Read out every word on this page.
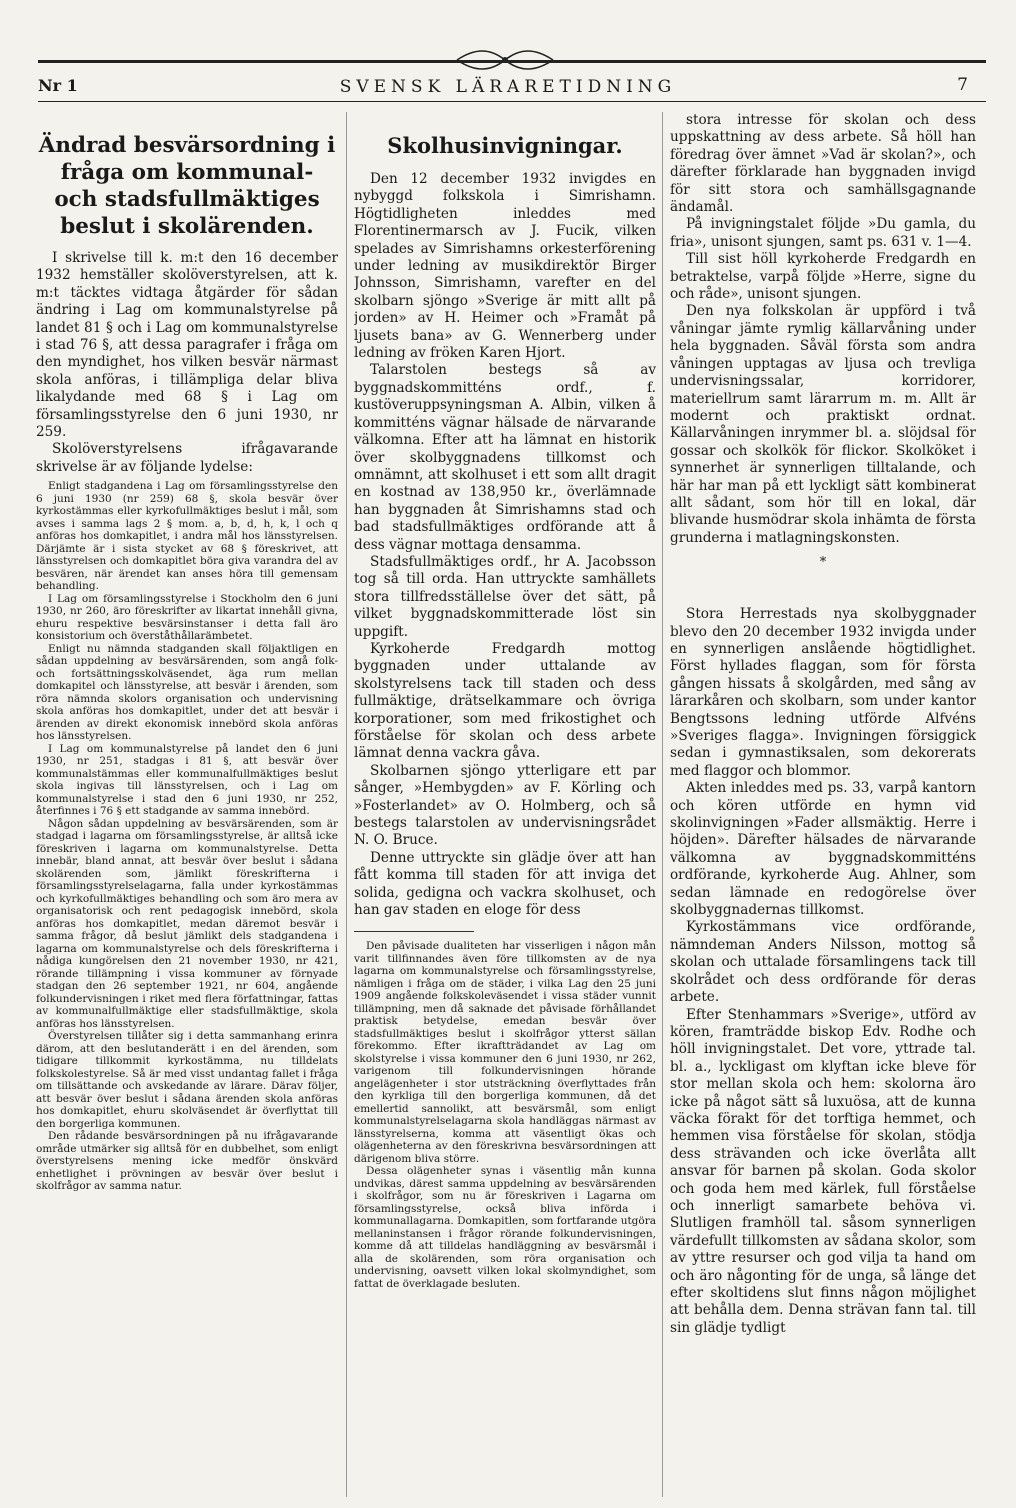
Nr 1	SVENSK LÄRARETIDNING	7
Ändrad besvärsordning i fråga om kommunal- och stadsfullmäktiges beslut i skolärenden.

I skrivelse till k. m:t den 16 december 1932 hemställer skolöverstyrelsen, att k. m:t täcktes vidtaga åtgärder för sådan ändring i Lag om kommunalstyrelse på landet 81 § och i Lag om kommunalstyrelse i stad 76 §, att dessa paragrafer i fråga om den myndighet, hos vilken besvär närmast skola anföras, i tillämpliga delar bliva likalydande med 68 § i Lag om församlingsstyrelse den 6 juni 1930, nr 259.

Skolöverstyrelsens ifrågavarande skrivelse är av följande lydelse:

Enligt stadgandena i Lag om församlingsstyrelse den 6 juni 1930 (nr 259) 68 §, skola besvär över kyrkostämmas eller kyrkofullmäktiges beslut i mål, som avses i samma lags 2 § mom. a, b, d, h, k, l och q anföras hos domkapitlet, i andra mål hos länsstyrelsen. Därjämte är i sista stycket av 68 § föreskrivet, att länsstyrelsen och domkapitlet böra giva varandra del av besvären, när ärendet kan anses höra till gemensam behandling.

I Lag om församlingsstyrelse i Stockholm den 6 juni 1930, nr 260, äro föreskrifter av likartat innehåll givna, ehuru respektive besvärsinstanser i detta fall äro konsistorium och överståthållarämbetet.

Enligt nu nämnda stadganden skall följaktligen en sådan uppdelning av besvärsärenden, som angå folk- och fortsättningsskolväsendet, äga rum mellan domkapitel och länsstyrelse, att besvär i ärenden, som röra nämnda skolors organisation och undervisning skola anföras hos domkapitlet, under det att besvär i ärenden av direkt ekonomisk innebörd skola anföras hos länsstyrelsen.

I Lag om kommunalstyrelse på landet den 6 juni 1930, nr 251, stadgas i 81 §, att besvär över kommunalstämmas eller kommunalfullmäktiges beslut skola ingivas till länsstyrelsen, och i Lag om kommunalstyrelse i stad den 6 juni 1930, nr 252, återfinnes i 76 § ett stadgande av samma innebörd.

Någon sådan uppdelning av besvärsärenden, som är stadgad i lagarna om församlingsstyrelse, är alltså icke föreskriven i lagarna om kommunalstyrelse. Detta innebär, bland annat, att besvär över beslut i sådana skolärenden som, jämlikt föreskrifterna i församlingsstyrelselagarna, falla under kyrkostämmas och kyrkofullmäktiges behandling och som äro mera av organisatorisk och rent pedagogisk innebörd, skola anföras hos domkapitlet, medan däremot besvär i samma frågor, då beslut jämlikt dels stadgandena i lagarna om kommunalstyrelse och dels föreskrifterna i nådiga kungörelsen den 21 november 1930, nr 421, rörande tillämpning i vissa kommuner av förnyade stadgan den 26 september 1921, nr 604, angående folkundervisningen i riket med flera författningar, fattas av kommunalfullmäktige eller stadsfullmäktige, skola anföras hos länsstyrelsen.

Överstyrelsen tillåter sig i detta sammanhang erinra därom, att den beslutanderätt i en del ärenden, som tidigare tillkommit kyrkostämma, nu tilldelats folkskolestyrelse. Så är med visst undantag fallet i fråga om tillsättande och avskedande av lärare. Därav följer, att besvär över beslut i sådana ärenden skola anföras hos domkapitlet, ehuru skolväsendet är överflyttat till den borgerliga kommunen.

Den rådande besvärsordningen på nu ifrågavarande område utmärker sig alltså för en dubbelhet, som enligt överstyrelsens mening icke medför önskvärd enhetlighet i prövningen av besvär över beslut i skolfrågor av samma natur.

Skolhusinvigningar.

Den 12 december 1932 invigdes en nybyggd folkskola i Simrishamn. Högtidligheten inleddes med Florentinermarsch av J. Fucik, vilken spelades av Simrishamns orkesterförening under ledning av musikdirektör Birger Johnsson, Simrishamn, varefter en del skolbarn sjöngo »Sverige är mitt allt på jorden» av H. Heimer och »Framåt på ljusets bana» av G. Wennerberg under ledning av fröken Karen Hjort.

Talarstolen bestegs så av byggnadskommitténs ordf., f. kustöveruppsyningsman A. Albin, vilken å kommitténs vägnar hälsade de närvarande välkomna. Efter att ha lämnat en historik över skolbyggnadens tillkomst och omnämnt, att skolhuset i ett som allt dragit en kostnad av 138,950 kr., överlämnade han byggnaden åt Simrishamns stad och bad stadsfullmäktiges ordförande att å dess vägnar mottaga densamma.

Stadsfullmäktiges ordf., hr A. Jacobsson tog så till orda. Han uttryckte samhällets stora tillfredsställelse över det sätt, på vilket byggnadskommitterade löst sin uppgift.

Kyrkoherde Fredgardh mottog byggnaden under uttalande av skolstyrelsens tack till staden och dess fullmäktige, drätselkammare och övriga korporationer, som med frikostighet och förståelse för skolan och dess arbete lämnat denna vackra gåva.

Skolbarnen sjöngo ytterligare ett par sånger, »Hembygden» av F. Körling och »Fosterlandet» av O. Holmberg, och så bestegs talarstolen av undervisningsrådet N. O. Bruce.

Denne uttryckte sin glädje över att han fått komma till staden för att inviga det solida, gedigna och vackra skolhuset, och han gav staden en eloge för dess

Den påvisade dualiteten har visserligen i någon mån varit tillfinnandes även före tillkomsten av de nya lagarna om kommunalstyrelse och församlingsstyrelse, nämligen i fråga om de städer, i vilka Lag den 25 juni 1909 angående folkskoleväsendet i vissa städer vunnit tillämpning, men då saknade det påvisade förhållandet praktisk betydelse, emedan besvär över stadsfullmäktiges beslut i skolfrågor ytterst sällan förekommo. Efter ikraftträdandet av Lag om skolstyrelse i vissa kommuner den 6 juni 1930, nr 262, varigenom till folkundervisningen hörande angelägenheter i stor utsträckning överflyttades från den kyrkliga till den borgerliga kommunen, då det emellertid sannolikt, att besvärsmål, som enligt kommunalstyrelselagarna skola handläggas närmast av länsstyrelserna, komma att väsentligt ökas och olägenheterna av den föreskrivna besvärsordningen att därigenom bliva större.

Dessa olägenheter synas i väsentlig mån kunna undvikas, därest samma uppdelning av besvärsärenden i skolfrågor, som nu är föreskriven i Lagarna om församlingsstyrelse, också bliva införda i kommunallagarna. Domkapitlen, som fortfarande utgöra mellaninstansen i frågor rörande folkundervisningen, komme då att tilldelas handläggning av besvärsmål i alla de skolärenden, som röra organisation och undervisning, oavsett vilken lokal skolmyndighet, som fattat de överklagade besluten.

stora intresse för skolan och dess uppskattning av dess arbete. Så höll han föredrag över ämnet »Vad är skolan?», och därefter förklarade han byggnaden invigd för sitt stora och samhällsgagnande ändamål.

På invigningstalet följde »Du gamla, du fria», unisont sjungen, samt ps. 631 v. 1—4.

Till sist höll kyrkoherde Fredgardh en betraktelse, varpå följde »Herre, signe du och råde», unisont sjungen.

Den nya folkskolan är uppförd i två våningar jämte rymlig källarvåning under hela byggnaden. Såväl första som andra våningen upptagas av ljusa och trevliga undervisningssalar, korridorer, materiellrum samt lärarrum m. m. Allt är modernt och praktiskt ordnat. Källarvåningen inrymmer bl. a. slöjdsal för gossar och skolkök för flickor. Skolköket i synnerhet är synnerligen tilltalande, och här har man på ett lyckligt sätt kombinerat allt sådant, som hör till en lokal, där blivande husmödrar skola inhämta de första grunderna i matlagningskonsten.

*

Stora Herrestads nya skolbyggnader blevo den 20 december 1932 invigda under en synnerligen anslående högtidlighet. Först hyllades flaggan, som för första gången hissats å skolgården, med sång av lärarkåren och skolbarn, som under kantor Bengtssons ledning utförde Alfvéns »Sveriges flagga». Invigningen försiggick sedan i gymnastiksalen, som dekorerats med flaggor och blommor.

Akten inleddes med ps. 33, varpå kantorn och kören utförde en hymn vid skolinvigningen »Fader allsmäktig. Herre i höjden». Därefter hälsades de närvarande välkomna av byggnadskommitténs ordförande, kyrkoherde Aug. Ahlner, som sedan lämnade en redogörelse över skolbyggnadernas tillkomst.

Kyrkostämmans vice ordförande, nämndeman Anders Nilsson, mottog så skolan och uttalade församlingens tack till skolrådet och dess ordförande för deras arbete.

Efter Stenhammars »Sverige», utförd av kören, framträdde biskop Edv. Rodhe och höll invigningstalet. Det vore, yttrade tal. bl. a., lyckligast om klyftan icke bleve för stor mellan skola och hem: skolorna äro icke på något sätt så luxuösa, att de kunna väcka förakt för det torftiga hemmet, och hemmen visa förståelse för skolan, stödja dess strävanden och icke överlåta allt ansvar för barnen på skolan. Goda skolor och goda hem med kärlek, full förståelse och innerligt samarbete behöva vi. Slutligen framhöll tal. såsom synnerligen värdefullt tillkomsten av sådana skolor, som av yttre resurser och god vilja ta hand om och äro någonting för de unga, så länge det efter skoltidens slut finns någon möjlighet att behålla dem. Denna strävan fann tal. till sin glädje tydligt
